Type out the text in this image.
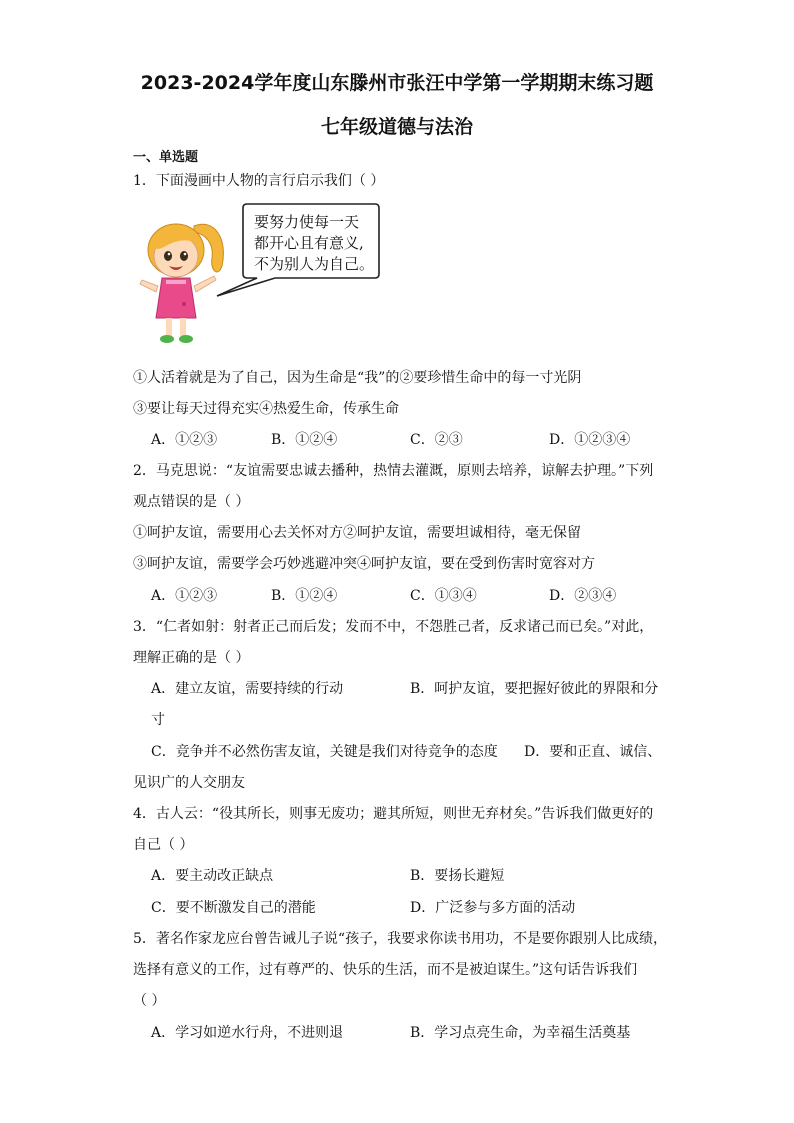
2023-2024学年度山东滕州市张汪中学第一学期期末练习题
七年级道德与法治
一、单选题
1．下面漫画中人物的言行启示我们（ ）
要努力使每一天
都开心且有意义,
不为别人为自己。
①人活着就是为了自己，因为生命是“我”的②要珍惜生命中的每一寸光阴
③要让每天过得充实④热爱生命，传承生命
A．①②③	B．①②④	C．②③	D．①②③④
2．马克思说：“友谊需要忠诚去播种，热情去灌溉，原则去培养，谅解去护理。”下列
观点错误的是（ ）
①呵护友谊，需要用心去关怀对方②呵护友谊，需要坦诚相待，毫无保留
③呵护友谊，需要学会巧妙逃避冲突④呵护友谊，要在受到伤害时宽容对方
A．①②③	B．①②④	C．①③④	D．②③④
3．“仁者如射：射者正己而后发；发而不中，不怨胜己者，反求诸己而已矣。”对此，
理解正确的是（ ）
A．建立友谊，需要持续的行动	B．呵护友谊，要把握好彼此的界限和分
寸
C．竞争并不必然伤害友谊，关键是我们对待竞争的态度 D．要和正直、诚信、
见识广的人交朋友
4．古人云：“役其所长，则事无废功；避其所短，则世无弃材矣。”告诉我们做更好的
自己（ ）
A．要主动改正缺点	B．要扬长避短
C．要不断激发自己的潜能	D．广泛参与多方面的活动
5．著名作家龙应台曾告诫儿子说“孩子，我要求你读书用功，不是要你跟别人比成绩，
选择有意义的工作，过有尊严的、快乐的生活，而不是被迫谋生。”这句话告诉我们
（ ）
A．学习如逆水行舟，不进则退	B．学习点亮生命，为幸福生活奠基
